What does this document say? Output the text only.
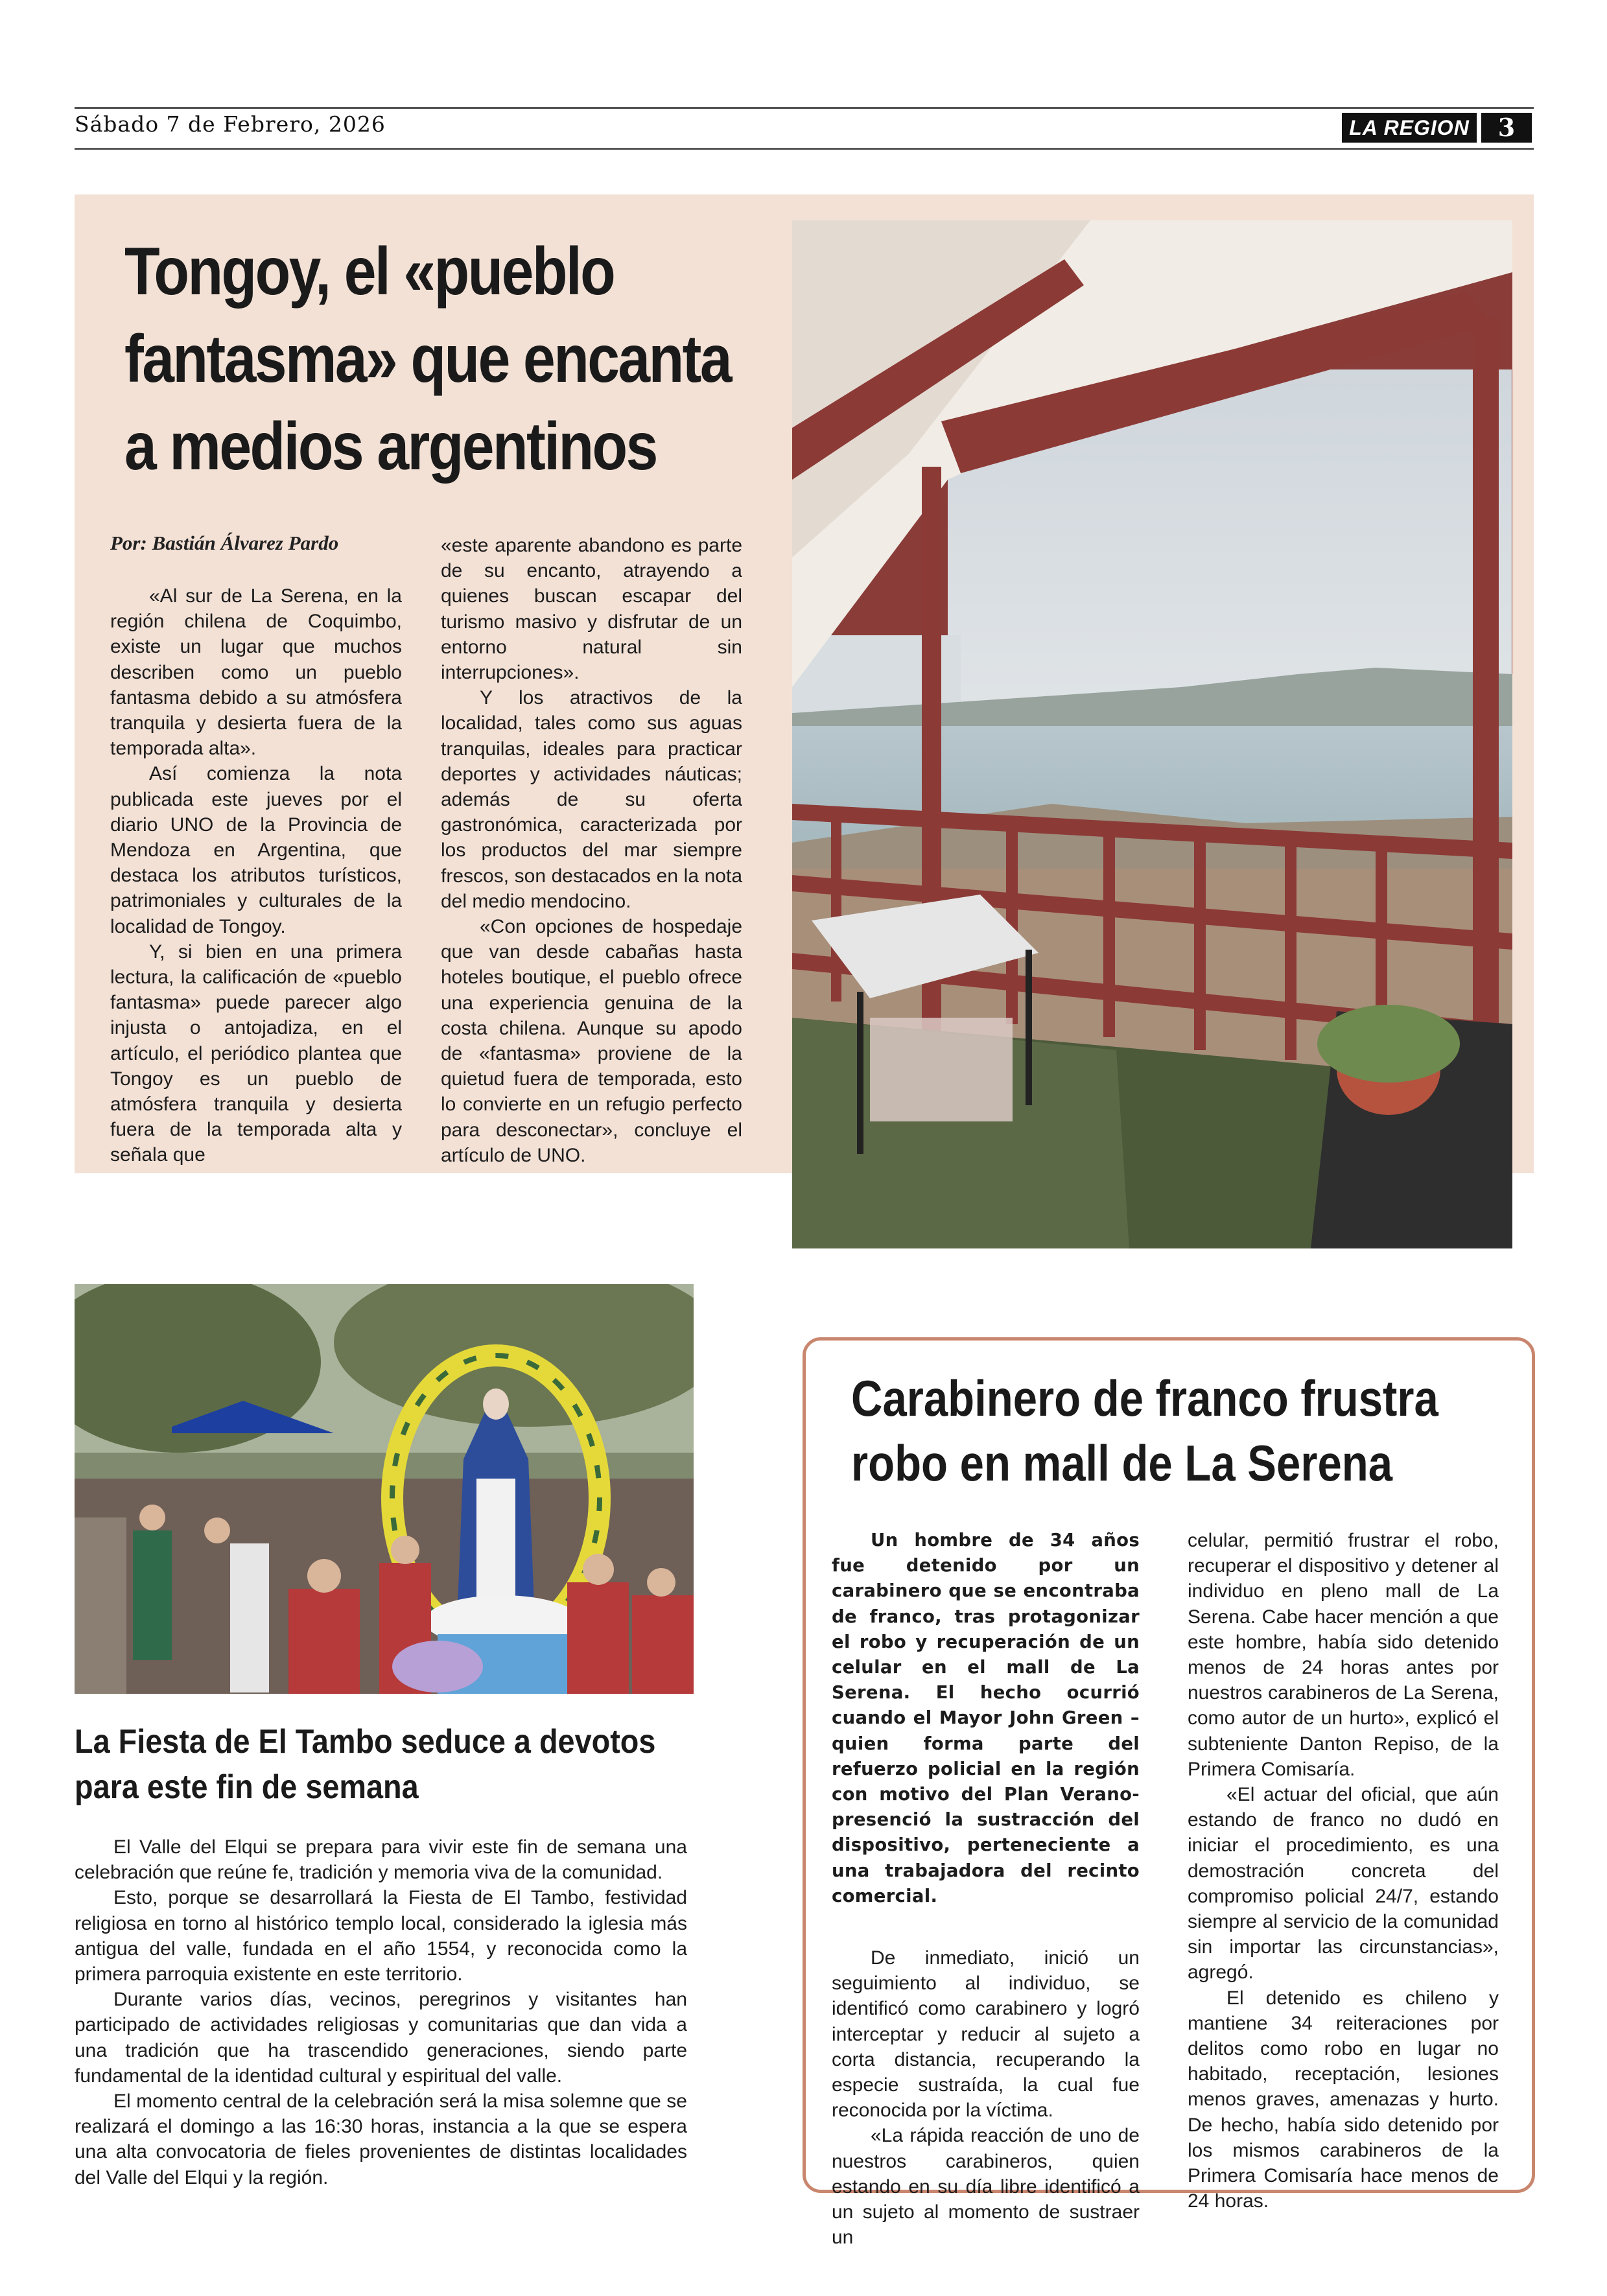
Sábado 7 de Febrero, 2026	LA REGION	3
Tongoy, el «pueblo
fantasma» que encanta
a medios argentinos
Por: Bastián Álvarez Pardo

«Al sur de La Serena, en la región chilena de Coquimbo, existe un lugar que muchos describen como un pueblo fantasma debido a su atmósfera tranquila y desierta fuera de la temporada alta».

Así comienza la nota publicada este jueves por el diario UNO de la Provincia de Mendoza en Argentina, que destaca los atributos turísticos, patrimoniales y culturales de la localidad de Tongoy.

Y, si bien en una primera lectura, la calificación de «pueblo fantasma» puede parecer algo injusta o antojadiza, en el artículo, el periódico plantea que Tongoy es un pueblo de atmósfera tranquila y desierta fuera de la temporada alta y señala que

«este aparente abandono es parte de su encanto, atrayendo a quienes buscan escapar del turismo masivo y disfrutar de un entorno natural sin interrupciones».

Y los atractivos de la localidad, tales como sus aguas tranquilas, ideales para practicar deportes y actividades náuticas; además de su oferta gastronómica, caracterizada por los productos del mar siempre frescos, son destacados en la nota del medio mendocino.

«Con opciones de hospedaje que van desde cabañas hasta hoteles boutique, el pueblo ofrece una experiencia genuina de la costa chilena. Aunque su apodo de «fantasma» proviene de la quietud fuera de temporada, esto lo convierte en un refugio perfecto para desconectar», concluye el artículo de UNO.

La Fiesta de El Tambo seduce a devotos
para este fin de semana

El Valle del Elqui se prepara para vivir este fin de semana una celebración que reúne fe, tradición y memoria viva de la comunidad.

Esto, porque se desarrollará la Fiesta de El Tambo, festividad religiosa en torno al histórico templo local, considerado la iglesia más antigua del valle, fundada en el año 1554, y reconocida como la primera parroquia existente en este territorio.

Durante varios días, vecinos, peregrinos y visitantes han participado de actividades religiosas y comunitarias que dan vida a una tradición que ha trascendido generaciones, siendo parte fundamental de la identidad cultural y espiritual del valle.

El momento central de la celebración será la misa solemne que se realizará el domingo a las 16:30 horas, instancia a la que se espera una alta convocatoria de fieles provenientes de distintas localidades del Valle del Elqui y la región.

Carabinero de franco frustra
robo en mall de La Serena

Un hombre de 34 años fue detenido por un carabinero que se encontraba de franco, tras protagonizar el robo y recuperación de un celular en el mall de La Serena. El hecho ocurrió cuando el Mayor John Green –quien forma parte del refuerzo policial en la región con motivo del Plan Verano- presenció la sustracción del dispositivo, perteneciente a una trabajadora del recinto comercial.

De inmediato, inició un seguimiento al individuo, se identificó como carabinero y logró interceptar y reducir al sujeto a corta distancia, recuperando la especie sustraída, la cual fue reconocida por la víctima.

«La rápida reacción de uno de nuestros carabineros, quien estando en su día libre identificó a un sujeto al momento de sustraer un

celular, permitió frustrar el robo, recuperar el dispositivo y detener al individuo en pleno mall de La Serena. Cabe hacer mención a que este hombre, había sido detenido menos de 24 horas antes por nuestros carabineros de La Serena, como autor de un hurto», explicó el subteniente Danton Repiso, de la Primera Comisaría.

«El actuar del oficial, que aún estando de franco no dudó en iniciar el procedimiento, es una demostración concreta del compromiso policial 24/7, estando siempre al servicio de la comunidad sin importar las circunstancias», agregó.

El detenido es chileno y mantiene 34 reiteraciones por delitos como robo en lugar no habitado, receptación, lesiones menos graves, amenazas y hurto. De hecho, había sido detenido por los mismos carabineros de la Primera Comisaría hace menos de 24 horas.
